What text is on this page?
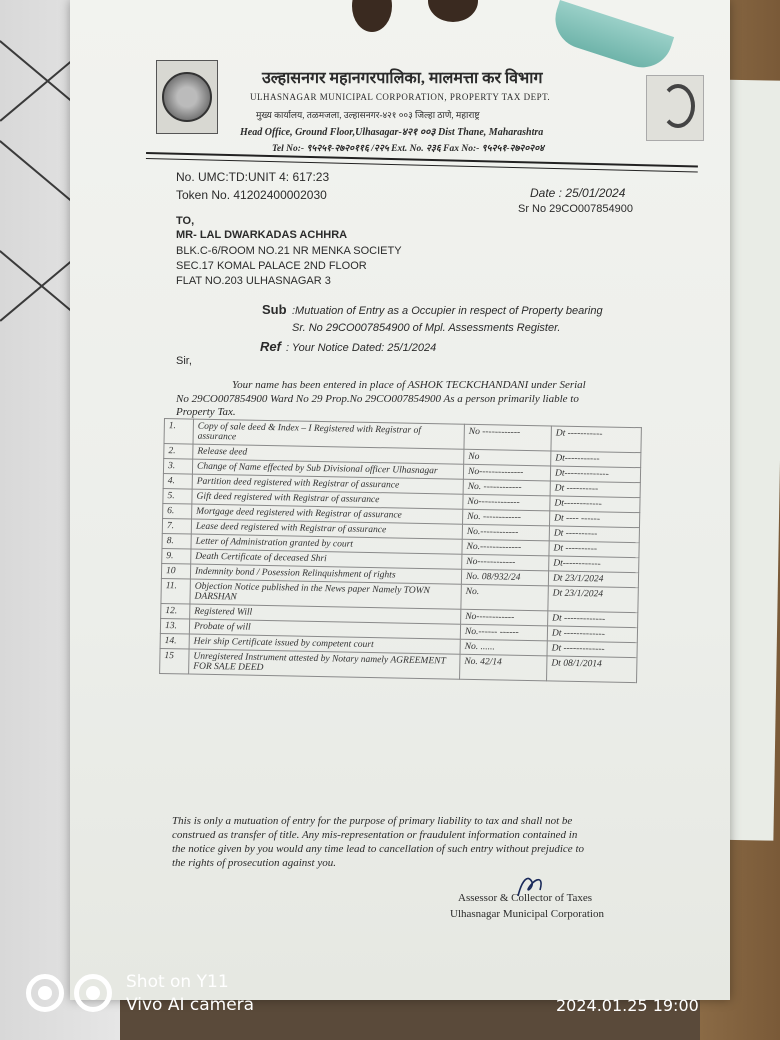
उल्हासनगर महानगरपालिका, मालमत्ता कर विभाग
ULHASNAGAR MUNICIPAL CORPORATION, PROPERTY TAX DEPT.
मुख्य कार्यालय, तळमजला, उल्हासनगर-४२१ ००३ जिल्हा ठाणे, महाराष्ट्र
Head Office, Ground Floor,Ulhasagar-४२१ ००३ Dist Thane, Maharashtra
Tel No:- ९५२५१-२७२०११६ /२२५ Ext. No. २३६ Fax No:- ९५२५१-२७२०२०४
No. UMC:TD:UNIT 4: 617:23
Token No. 41202400002030	Date : 25/01/2024
Sr No 29CO007854900
TO,
MR- LAL DWARKADAS ACHHRA
BLK.C-6/ROOM NO.21 NR MENKA SOCIETY
SEC.17 KOMAL PALACE 2ND FLOOR
FLAT NO.203 ULHASNAGAR 3
Sub :Mutuation of Entry as a Occupier in respect of Property bearing
Sr. No 29CO007854900 of Mpl. Assessments Register.
Ref : Your Notice Dated: 25/1/2024
Sir,
Your name has been entered in place of ASHOK TECKCHANDANI under Serial
No 29CO007854900 Ward No 29 Prop.No 29CO007854900 As a person primarily liable to
Property Tax.
1.	Copy of sale deed & Index – I Registered with Registrar of assurance	No ------------	Dt -----------
2.	Release deed	No	Dt-----------
3.	Change of Name effected by Sub Divisional officer Ulhasnagar	No--------------	Dt--------------
4.	Partition deed registered with Registrar of assurance	No. ------------	Dt ----------
5.	Gift deed registered with Registrar of assurance	No-------------	Dt------------
6.	Mortgage deed registered with Registrar of assurance	No. ------------	Dt ---- ------
7.	Lease deed registered with Registrar of assurance	No.------------	Dt ----------
8.	Letter of Administration granted by court	No.-------------	Dt ----------
9.	Death Certificate of deceased Shri	No------------	Dt------------
10	Indemnity bond / Posession Relinquishment of rights	No. 08/932/24	Dt 23/1/2024
11.	Objection Notice published in the News paper Namely TOWN DARSHAN	No.	Dt 23/1/2024
12.	Registered Will	No------------	Dt -------------
13.	Probate of will	No.------ ------	Dt -------------
14.	Heir ship Certificate issued by competent court	No. ......	Dt -------------
15	Unregistered Instrument attested by Notary namely AGREEMENT FOR SALE DEED	No. 42/14	Dt 08/1/2014
This is only a mutuation of entry for the purpose of primary liability to tax and shall not be
construed as transfer of title. Any mis-representation or fraudulent information contained in
the notice given by you would any time lead to cancellation of such entry without prejudice to
the rights of prosecution against you.
Assessor & Collector of Taxes
Ulhasnagar Municipal Corporation
Shot on Y11
Vivo AI camera	2024.01.25 19:00
